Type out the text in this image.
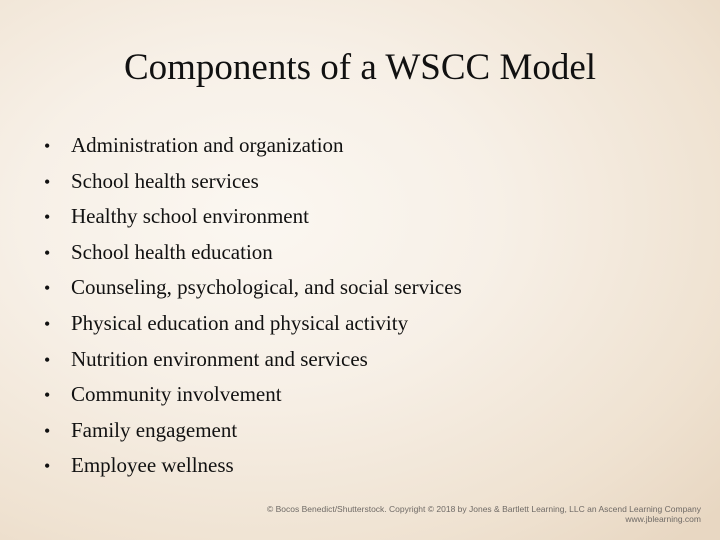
Components of a WSCC Model
• Administration and organization
• School health services
• Healthy school environment
• School health education
• Counseling, psychological, and social services
• Physical education and physical activity
• Nutrition environment and services
• Community involvement
• Family engagement
• Employee wellness
© Bocos Benedict/Shutterstock. Copyright © 2018 by Jones & Bartlett Learning, LLC an Ascend Learning Company
www.jblearning.com
